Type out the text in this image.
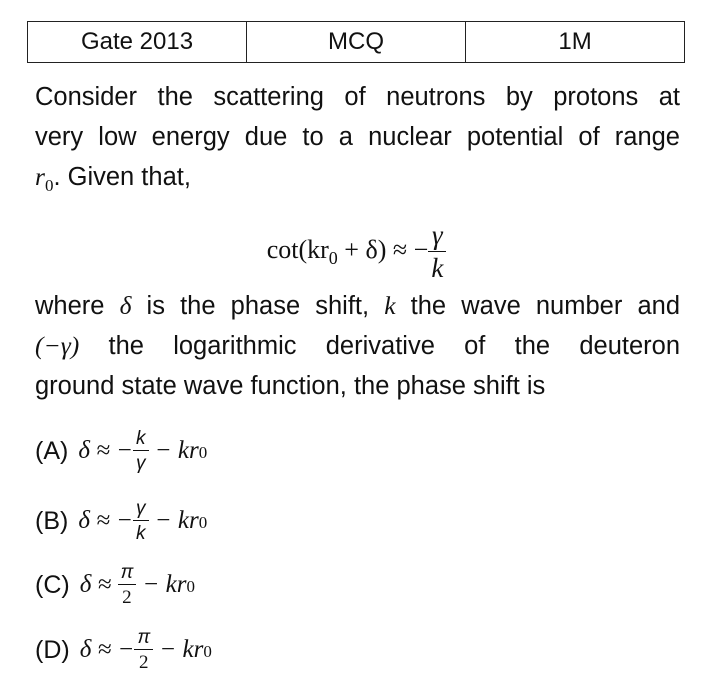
Gate 2013	MCQ	1M
Consider the scattering of neutrons by protons at
very low energy due to a nuclear potential of range
$r_0$. Given that,
$\cot(kr_0 + \delta)$ ≈ − $\frac{\gamma}{k}$
where δ is the phase shift, k the wave number and
(−γ) the logarithmic derivative of the deuteron
ground state wave function, the phase shift is
(A) δ ≈ − $\frac{k}{\gamma}$ − kr 0
(B) δ ≈ − $\frac{\gamma}{k}$ − kr 0
(C) $\delta \approx \frac{\pi}{2}$ − kr 0
(D) δ ≈ − $\frac{\pi}{2}$ − kr 0
